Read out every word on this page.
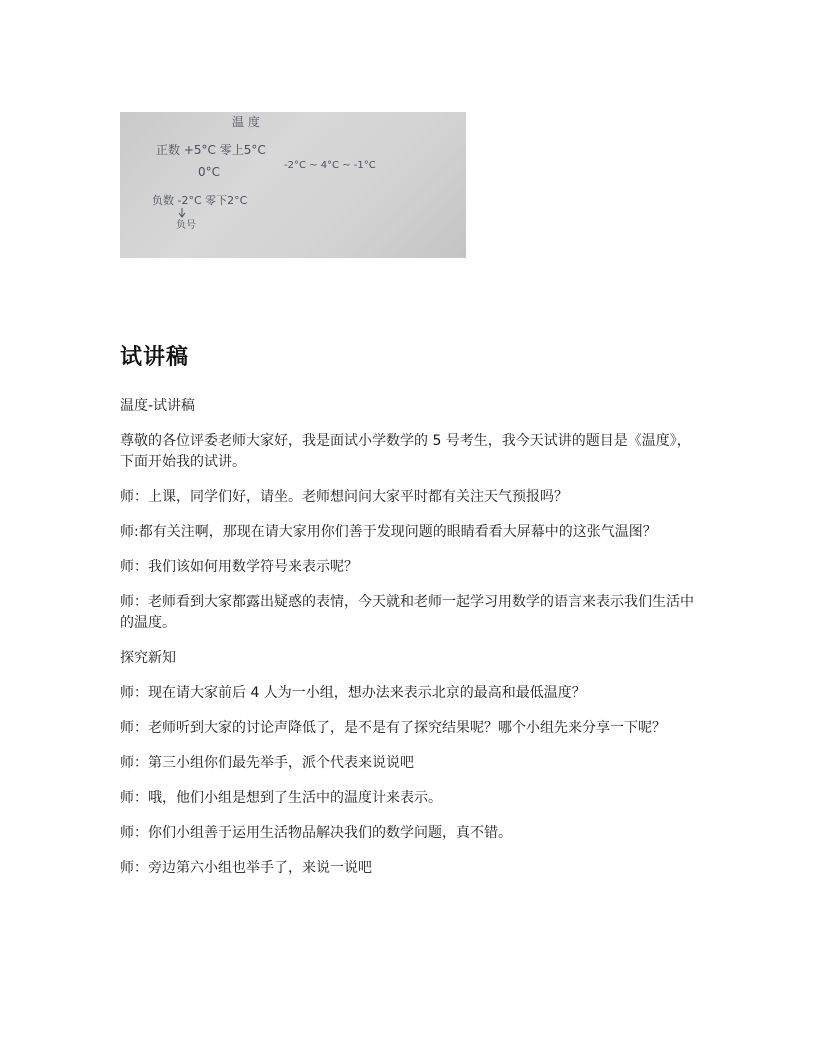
温 度
正数 +5°C 零上5°C
0°C	-2°C ~ 4°C ~ -1°C
负数 -2°C 零下2°C
负号
试讲稿

温度-试讲稿

尊敬的各位评委老师大家好，我是面试小学数学的 5 号考生，我今天试讲的题目是《温度》，下面开始我的试讲。

师：上课，同学们好，请坐。老师想问问大家平时都有关注天气预报吗？

师:都有关注啊，那现在请大家用你们善于发现问题的眼睛看看大屏幕中的这张气温图？

师：我们该如何用数学符号来表示呢？

师：老师看到大家都露出疑惑的表情，今天就和老师一起学习用数学的语言来表示我们生活中的温度。

探究新知

师：现在请大家前后 4 人为一小组，想办法来表示北京的最高和最低温度？

师：老师听到大家的讨论声降低了，是不是有了探究结果呢？哪个小组先来分享一下呢？

师：第三小组你们最先举手，派个代表来说说吧

师：哦，他们小组是想到了生活中的温度计来表示。

师：你们小组善于运用生活物品解决我们的数学问题，真不错。

师：旁边第六小组也举手了，来说一说吧
